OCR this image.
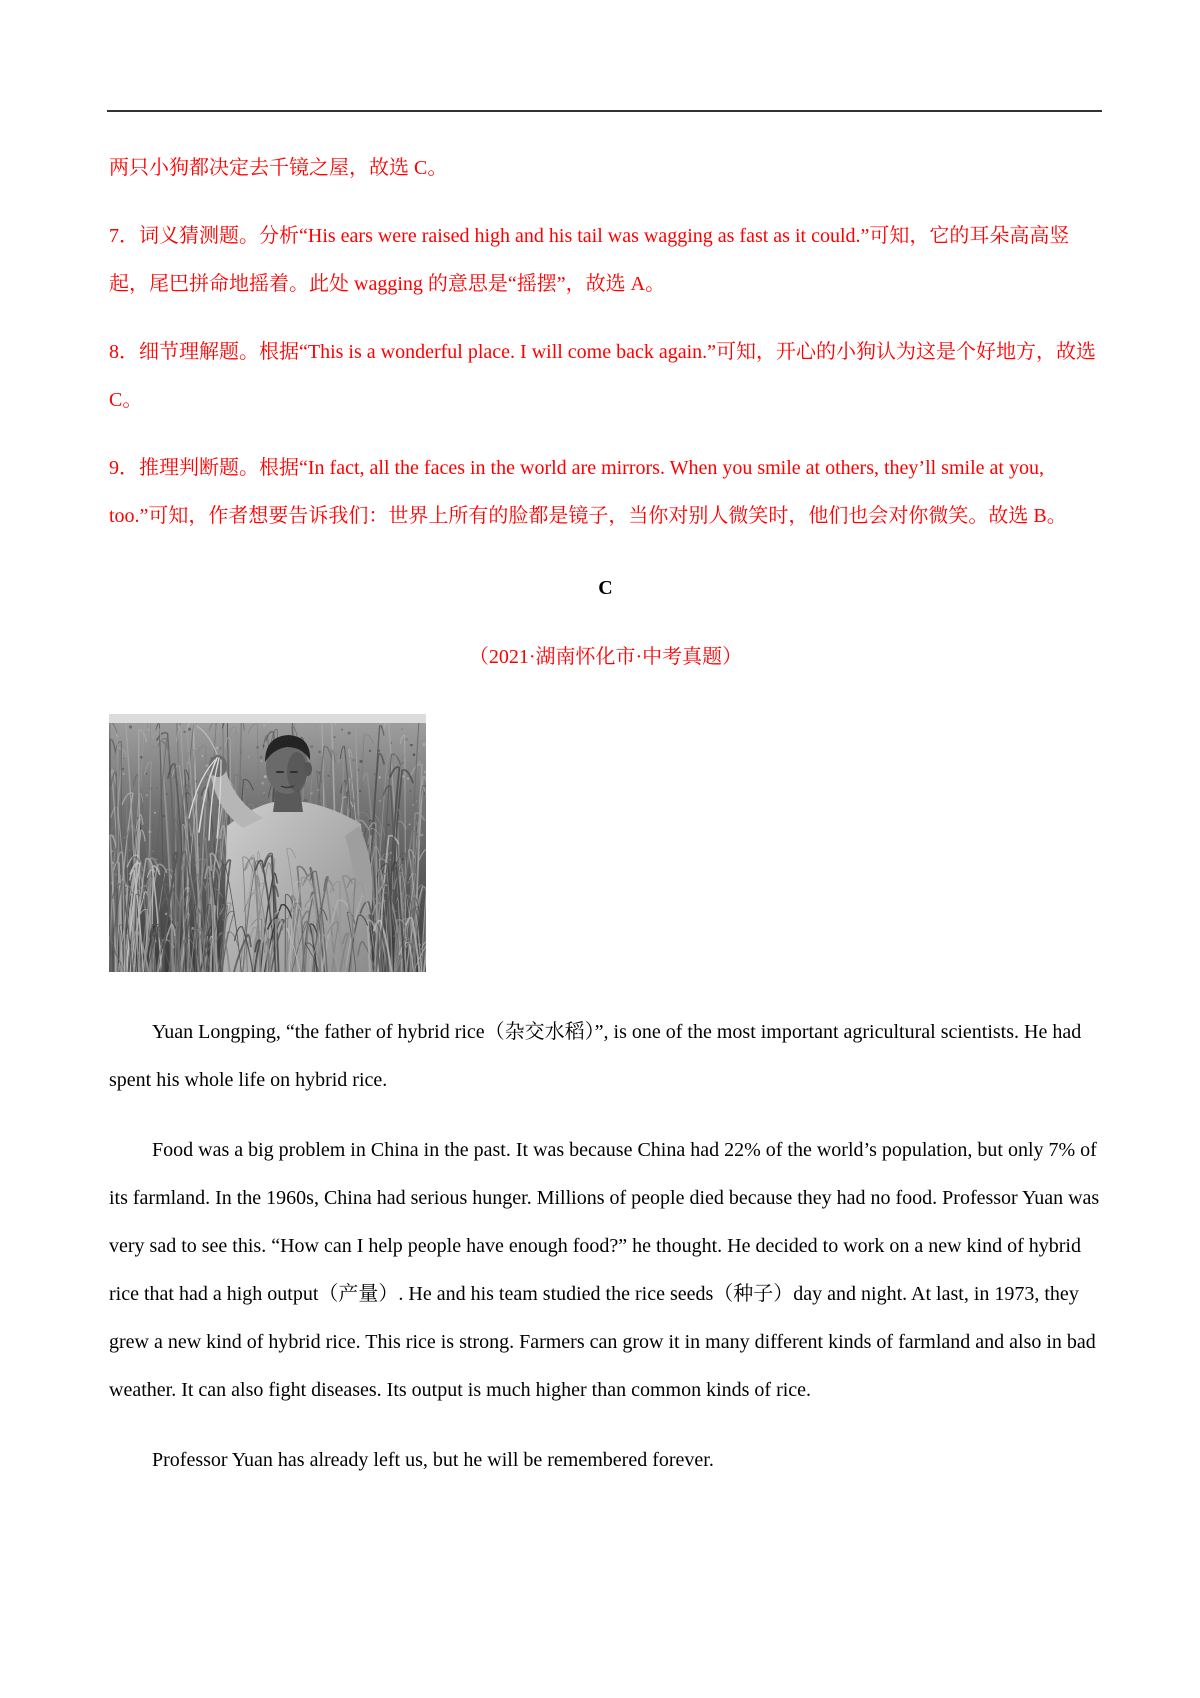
两只小狗都决定去千镜之屋，故选 C。

7．词义猜测题。分析“His ears were raised high and his tail was wagging as fast as it could.”可知，它的耳朵高高竖起，尾巴拼命地摇着。此处 wagging 的意思是“摇摆”，故选 A。

8．细节理解题。根据“This is a wonderful place. I will come back again.”可知，开心的小狗认为这是个好地方，故选 C。

9．推理判断题。根据“In fact, all the faces in the world are mirrors. When you smile at others, they’ll smile at you, too.”可知，作者想要告诉我们：世界上所有的脸都是镜子，当你对别人微笑时，他们也会对你微笑。故选 B。

C
（2021·湖南怀化市·中考真题）

Yuan Longping, “the father of hybrid rice（杂交水稻）”, is one of the most important agricultural scientists. He had spent his whole life on hybrid rice.

Food was a big problem in China in the past. It was because China had 22% of the world’s population, but only 7% of its farmland. In the 1960s, China had serious hunger. Millions of people died because they had no food. Professor Yuan was very sad to see this. “How can I help people have enough food?” he thought. He decided to work on a new kind of hybrid rice that had a high output（产量）. He and his team studied the rice seeds（种子）day and night. At last, in 1973, they grew a new kind of hybrid rice. This rice is strong. Farmers can grow it in many different kinds of farmland and also in bad weather. It can also fight diseases. Its output is much higher than common kinds of rice.

Professor Yuan has already left us, but he will be remembered forever.
